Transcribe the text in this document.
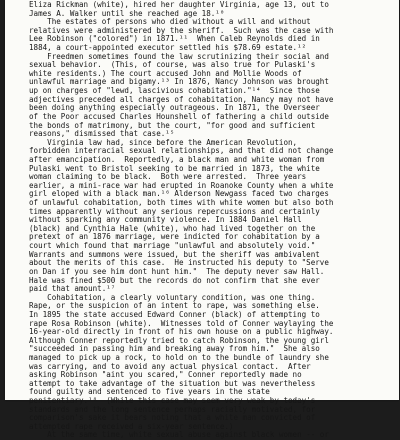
Eliza Rickman (white), hired her daughter Virginia, age 13, out to
James A. Walker until she reached age 18.¹⁰
The estates of persons who died without a will and without
relatives were administered by the sheriff.  Such was the case with
Lee Robinson ("colored") in 1871.¹¹  When Caleb Reynolds died in
1884, a court-appointed executor settled his $78.69 estate.¹²
Freedmen sometimes found the law scrutinizing their social and
sexual behavior.  (This, of course, was also true for Pulaski's
white residents.) The court accused John and Mollie Woods of
unlawful marriage and bigamy.¹³ In 1876, Nancy Johnson was brought
up on charges of "lewd, lascivious cohabitation."¹⁴  Since those
adjectives preceded all charges of cohabitation, Nancy may not have
been doing anything especially outrageous. In 1871, the Overseer
of the Poor accused Charles Hounshell of fathering a child outside
the bonds of matrimony, but the court, "for good and sufficient
reasons," dismissed that case.¹⁵
Virginia law had, since before the American Revolution,
forbidden interracial sexual relationships, and that did not change
after emancipation.  Reportedly, a black man and white woman from
Pulaski went to Bristol seeking to be married in 1873, the white
woman claiming to be black.  Both were arrested.  Three years
earlier, a mini-race war had erupted in Roanoke County when a white
girl eloped with a black man.¹⁶ Alderson Newgass faced two charges
of unlawful cohabitation, both times with white women but also both
times apparently without any serious repercussions and certainly
without sparking any community violence. In 1884 Daniel Hall
(black) and Cynthia Hale (white), who had lived together on the
pretext of an 1876 marriage, were indicted for cohabitation by a
court which found that marriage "unlawful and absolutely void."
Warrants and summons were issued, but the sheriff was ambivalent
about the merits of this case.  He instructed his deputy to "Serve
on Dan if you see him dont hunt him."  The deputy never saw Hall.
Hale was fined $500 but the records do not confirm that she ever
paid that amount.¹⁷
Cohabitation, a clearly voluntary condition, was one thing.
Rape, or the suspicion of an intent to rape, was something else.
In 1895 the state accused Edward Conner (black) of attempting to
rape Rosa Robinson (white).  Witnesses told of Conner waylaying the
16-year-old directly in front of his own house on a public highway.
Although Conner reportedly tried to catch Robinson, the young girl
"succeeded in passing him and breaking away from him."  She also
managed to pick up a rock, to hold on to the bundle of laundry she
was carrying, and to avoid any actual physical contact.  After
asking Robinson "aint you scared," Conner reportedly made no
attempt to take advantage of the situation but was nevertheless
found guilty and sentenced to five years in the state
penitentiary.¹⁸  (While this case may seem very weak by today's
standards and the long sentence perhaps racially motivated, for
comparison's sake it bears noting that a white man convicted of
attempted rape received a six-year sentence.)
At the same time, white sexual abuse against black women -- or
